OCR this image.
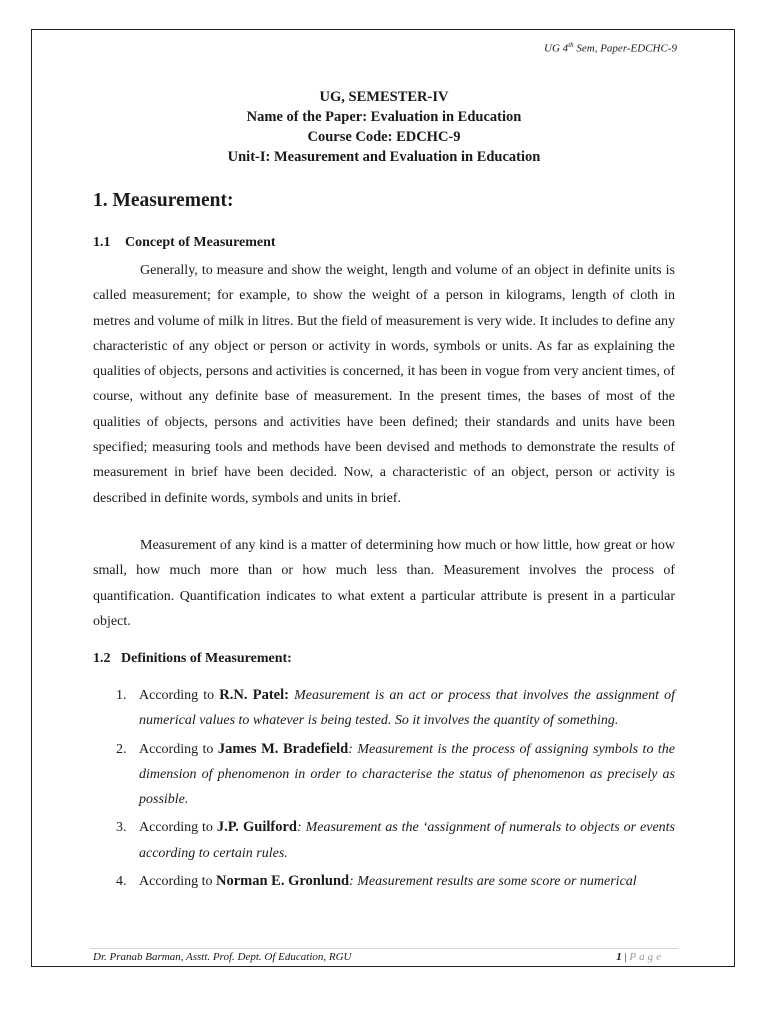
UG 4th Sem, Paper-EDCHC-9
UG, SEMESTER-IV
Name of the Paper: Evaluation in Education
Course Code: EDCHC-9
Unit-I: Measurement and Evaluation in Education
1. Measurement:
1.1 Concept of Measurement

Generally, to measure and show the weight, length and volume of an object in definite units is called measurement; for example, to show the weight of a person in kilograms, length of cloth in metres and volume of milk in litres. But the field of measurement is very wide. It includes to define any characteristic of any object or person or activity in words, symbols or units. As far as explaining the qualities of objects, persons and activities is concerned, it has been in vogue from very ancient times, of course, without any definite base of measurement. In the present times, the bases of most of the qualities of objects, persons and activities have been defined; their standards and units have been specified; measuring tools and methods have been devised and methods to demonstrate the results of measurement in brief have been decided. Now, a characteristic of an object, person or activity is described in definite words, symbols and units in brief.

Measurement of any kind is a matter of determining how much or how little, how great or how small, how much more than or how much less than. Measurement involves the process of quantification. Quantification indicates to what extent a particular attribute is present in a particular object.

1.2 Definitions of Measurement:
1. According to R.N. Patel: Measurement is an act or process that involves the assignment of numerical values to whatever is being tested. So it involves the quantity of something.
2. According to James M. Bradefield: Measurement is the process of assigning symbols to the dimension of phenomenon in order to characterise the status of phenomenon as precisely as possible.
3. According to J.P. Guilford: Measurement as the ‘assignment of numerals to objects or events according to certain rules.
4. According to Norman E. Gronlund: Measurement results are some score or numerical
Dr. Pranab Barman, Asstt. Prof. Dept. Of Education, RGU	1 | Page
